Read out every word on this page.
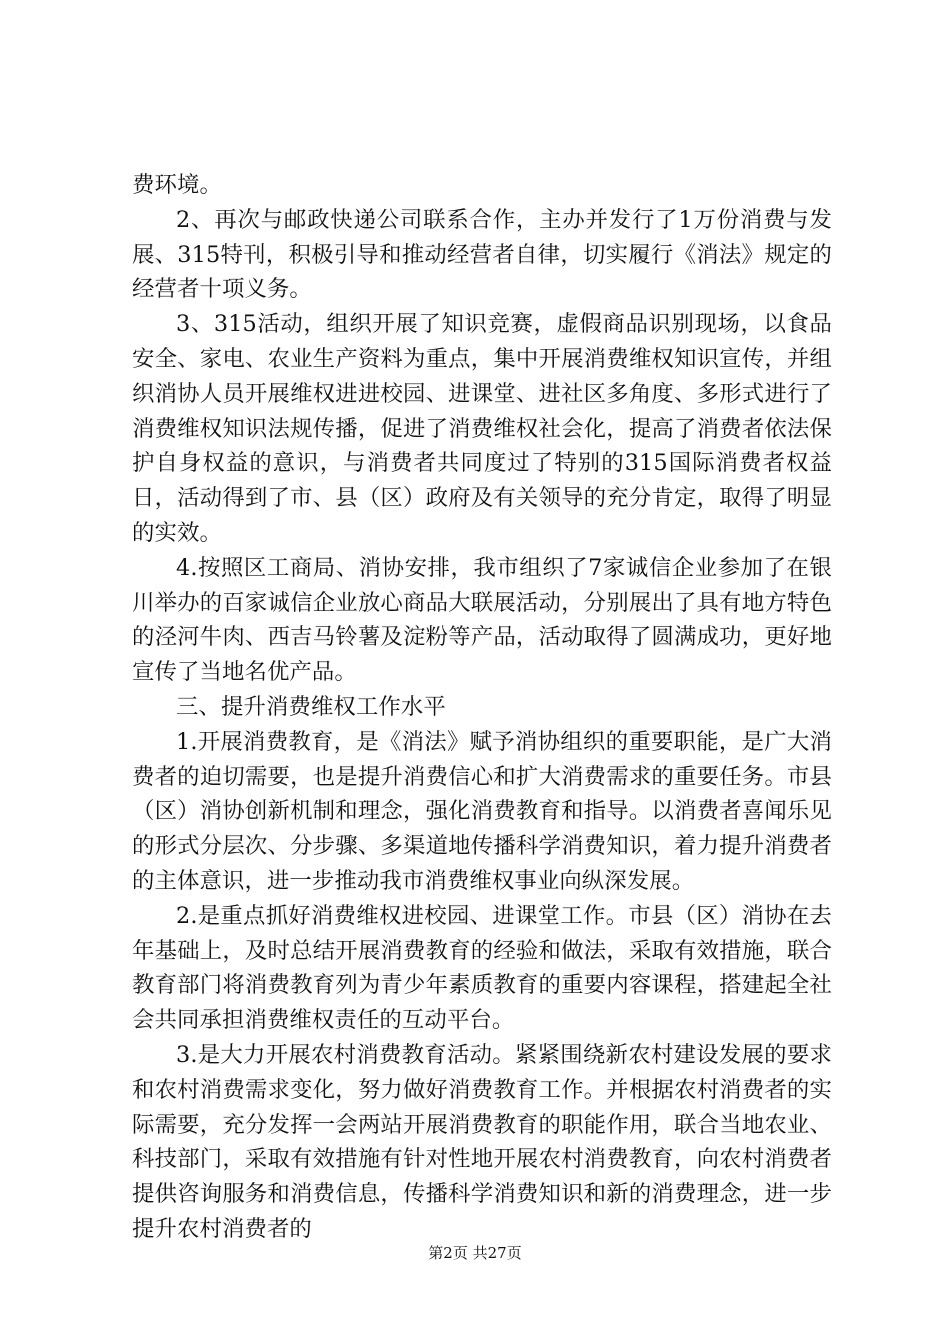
费环境。

2、再次与邮政快递公司联系合作，主办并发行了1万份消费与发展、315特刊，积极引导和推动经营者自律，切实履行《消法》规定的经营者十项义务。

3、315活动，组织开展了知识竞赛，虚假商品识别现场，以食品安全、家电、农业生产资料为重点，集中开展消费维权知识宣传，并组织消协人员开展维权进进校园、进课堂、进社区多角度、多形式进行了消费维权知识法规传播，促进了消费维权社会化，提高了消费者依法保护自身权益的意识，与消费者共同度过了特别的315国际消费者权益日，活动得到了市、县（区）政府及有关领导的充分肯定，取得了明显的实效。

4.按照区工商局、消协安排，我市组织了7家诚信企业参加了在银川举办的百家诚信企业放心商品大联展活动，分别展出了具有地方特色的泾河牛肉、西吉马铃薯及淀粉等产品，活动取得了圆满成功，更好地宣传了当地名优产品。

三、提升消费维权工作水平

1.开展消费教育，是《消法》赋予消协组织的重要职能，是广大消费者的迫切需要，也是提升消费信心和扩大消费需求的重要任务。市县（区）消协创新机制和理念，强化消费教育和指导。以消费者喜闻乐见的形式分层次、分步骤、多渠道地传播科学消费知识，着力提升消费者的主体意识，进一步推动我市消费维权事业向纵深发展。

2.是重点抓好消费维权进校园、进课堂工作。市县（区）消协在去年基础上，及时总结开展消费教育的经验和做法，采取有效措施，联合教育部门将消费教育列为青少年素质教育的重要内容课程，搭建起全社会共同承担消费维权责任的互动平台。

3.是大力开展农村消费教育活动。紧紧围绕新农村建设发展的要求和农村消费需求变化，努力做好消费教育工作。并根据农村消费者的实际需要，充分发挥一会两站开展消费教育的职能作用，联合当地农业、科技部门，采取有效措施有针对性地开展农村消费教育，向农村消费者提供咨询服务和消费信息，传播科学消费知识和新的消费理念，进一步提升农村消费者的

第2页 共27页
